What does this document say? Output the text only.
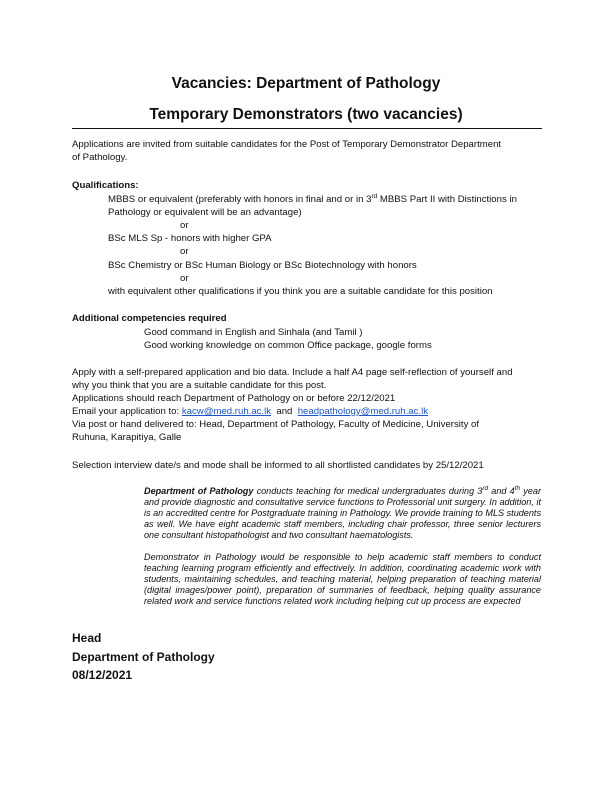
Vacancies: Department of Pathology
Temporary Demonstrators (two vacancies)
Applications are invited from suitable candidates for the Post of Temporary Demonstrator Department
of Pathology.
Qualifications:
MBBS or equivalent (preferably with honors in final and or in 3rd MBBS Part II with Distinctions in
Pathology or equivalent will be an advantage)
or
BSc MLS Sp - honors with higher GPA
or
BSc Chemistry or BSc Human Biology or BSc Biotechnology with honors
or
with equivalent other qualifications if you think you are a suitable candidate for this position
Additional competencies required
Good command in English and Sinhala (and Tamil )
Good working knowledge on common Office package, google forms
Apply with a self-prepared application and bio data. Include a half A4 page self-reflection of yourself and
why you think that you are a suitable candidate for this post.
Applications should reach Department of Pathology on or before 22/12/2021
Email your application to: kacw@med.ruh.ac.lk  and  headpathology@med.ruh.ac.lk
Via post or hand delivered to: Head, Department of Pathology, Faculty of Medicine, University of
Ruhuna, Karapitiya, Galle
Selection interview date/s and mode shall be informed to all shortlisted candidates by 25/12/2021
Department of Pathology conducts teaching for medical undergraduates during 3rd and 4th year and provide diagnostic and consultative service functions to Professorial unit surgery. In addition, it is an accredited centre for Postgraduate training in Pathology. We provide training to MLS students as well. We have eight academic staff members, including chair professor, three senior lecturers one consultant histopathologist and two consultant haematologists.
Demonstrator in Pathology would be responsible to help academic staff members to conduct teaching learning program efficiently and effectively. In addition, coordinating academic work with students, maintaining schedules, and teaching material, helping preparation of teaching material (digital images/power point), preparation of summaries of feedback, helping quality assurance related work and service functions related work including helping cut up process are expected
Head
Department of Pathology
08/12/2021
